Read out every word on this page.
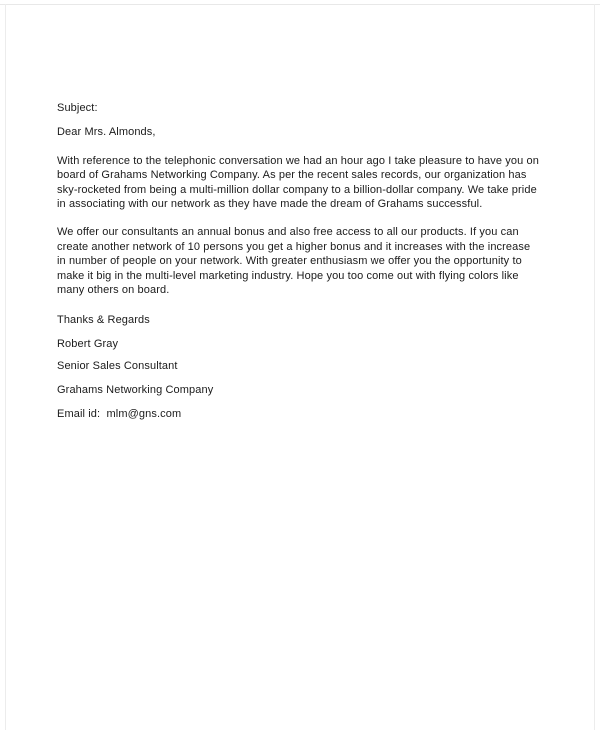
Subject:

Dear Mrs. Almonds,

With reference to the telephonic conversation we had an hour ago I take pleasure to have you on board of Grahams Networking Company. As per the recent sales records, our organization has sky-rocketed from being a multi-million dollar company to a billion-dollar company. We take pride in associating with our network as they have made the dream of Grahams successful.

We offer our consultants an annual bonus and also free access to all our products. If you can create another network of 10 persons you get a higher bonus and it increases with the increase in number of people on your network. With greater enthusiasm we offer you the opportunity to make it big in the multi-level marketing industry. Hope you too come out with flying colors like many others on board.

Thanks & Regards

Robert Gray

Senior Sales Consultant

Grahams Networking Company

Email id: mlm@gns.com
